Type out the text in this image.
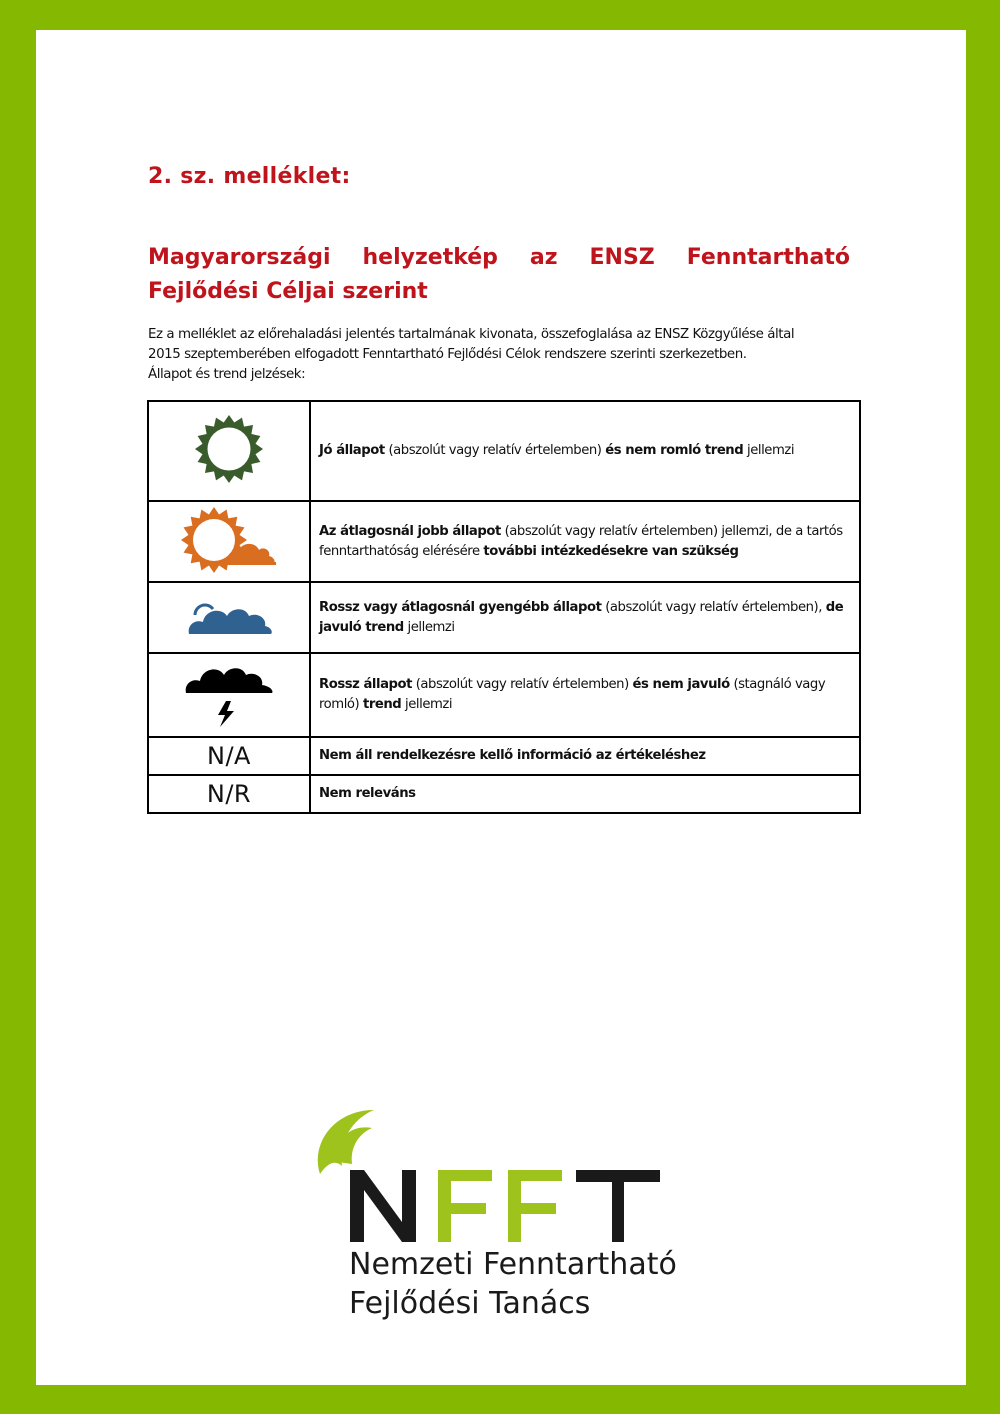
2. sz. melléklet:
Magyarországi helyzetkép az ENSZ Fenntartható Fejlődési Céljai szerint

Ez a melléklet az előrehaladási jelentés tartalmának kivonata, összefoglalása az ENSZ Közgyűlése által

2015 szeptemberében elfogadott Fenntartható Fejlődési Célok rendszere szerinti szerkezetben.

Állapot és trend jelzések:

	Jó állapot (abszolút vagy relatív értelemben) és nem romló trend jellemzi
	Az átlagosnál jobb állapot (abszolút vagy relatív értelemben) jellemzi, de a tartós fenntarthatóság elérésére további intézkedésekre van szükség
	Rossz vagy átlagosnál gyengébb állapot (abszolút vagy relatív értelemben), de javuló trend jellemzi
	Rossz állapot (abszolút vagy relatív értelemben) és nem javuló (stagnáló vagy romló) trend jellemzi
N/A	Nem áll rendelkezésre kellő információ az értékeléshez
N/R	Nem releváns
Nemzeti Fenntartható
Fejlődési Tanács
